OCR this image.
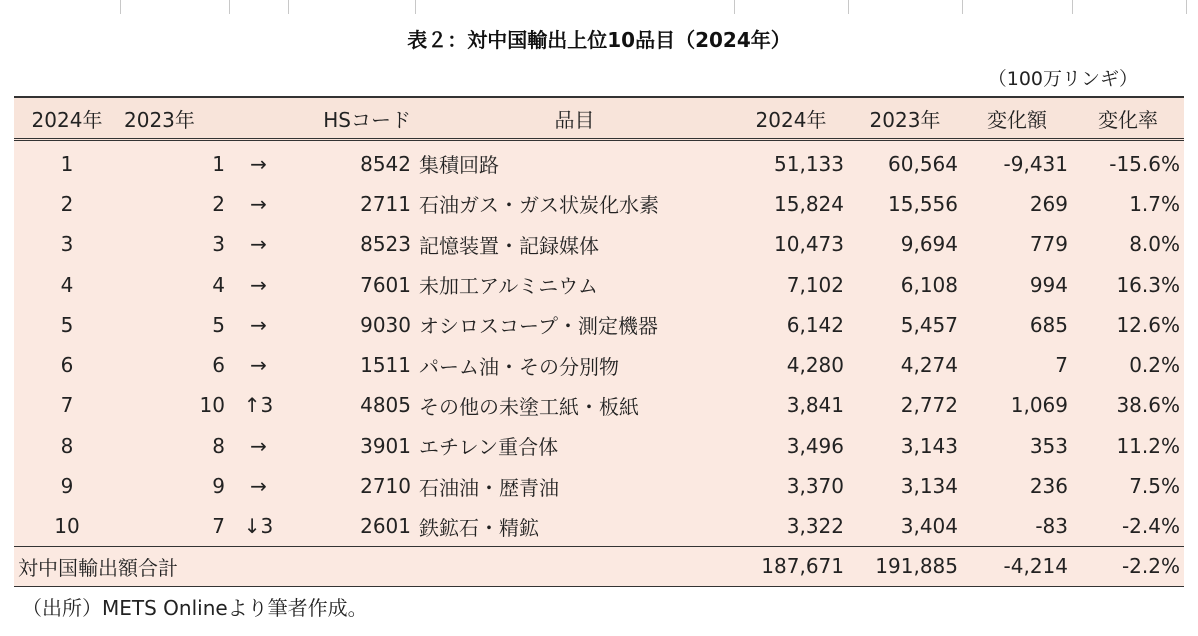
表２：対中国輸出上位10品目（2024年）
（100万リンギ）
2024年	2023年		HSコード	品目	2024年	2023年	変化額	変化率

1	1	→	8542	集積回路	51,133	60,564	-9,431	-15.6%
2	2	→	2711	石油ガス・ガス状炭化水素	15,824	15,556	269	1.7%
3	3	→	8523	記憶装置・記録媒体	10,473	9,694	779	8.0%
4	4	→	7601	未加工アルミニウム	7,102	6,108	994	16.3%
5	5	→	9030	オシロスコープ・測定機器	6,142	5,457	685	12.6%
6	6	→	1511	パーム油・その分別物	4,280	4,274	7	0.2%
7	10	↑3	4805	その他の未塗工紙・板紙	3,841	2,772	1,069	38.6%
8	8	→	3901	エチレン重合体	3,496	3,143	353	11.2%
9	9	→	2710	石油油・歴青油	3,370	3,134	236	7.5%
10	7	↓3	2601	鉄鉱石・精鉱	3,322	3,404	-83	-2.4%
対中国輸出額合計					187,671	191,885	-4,214	-2.2%
（出所）METS Onlineより筆者作成。
